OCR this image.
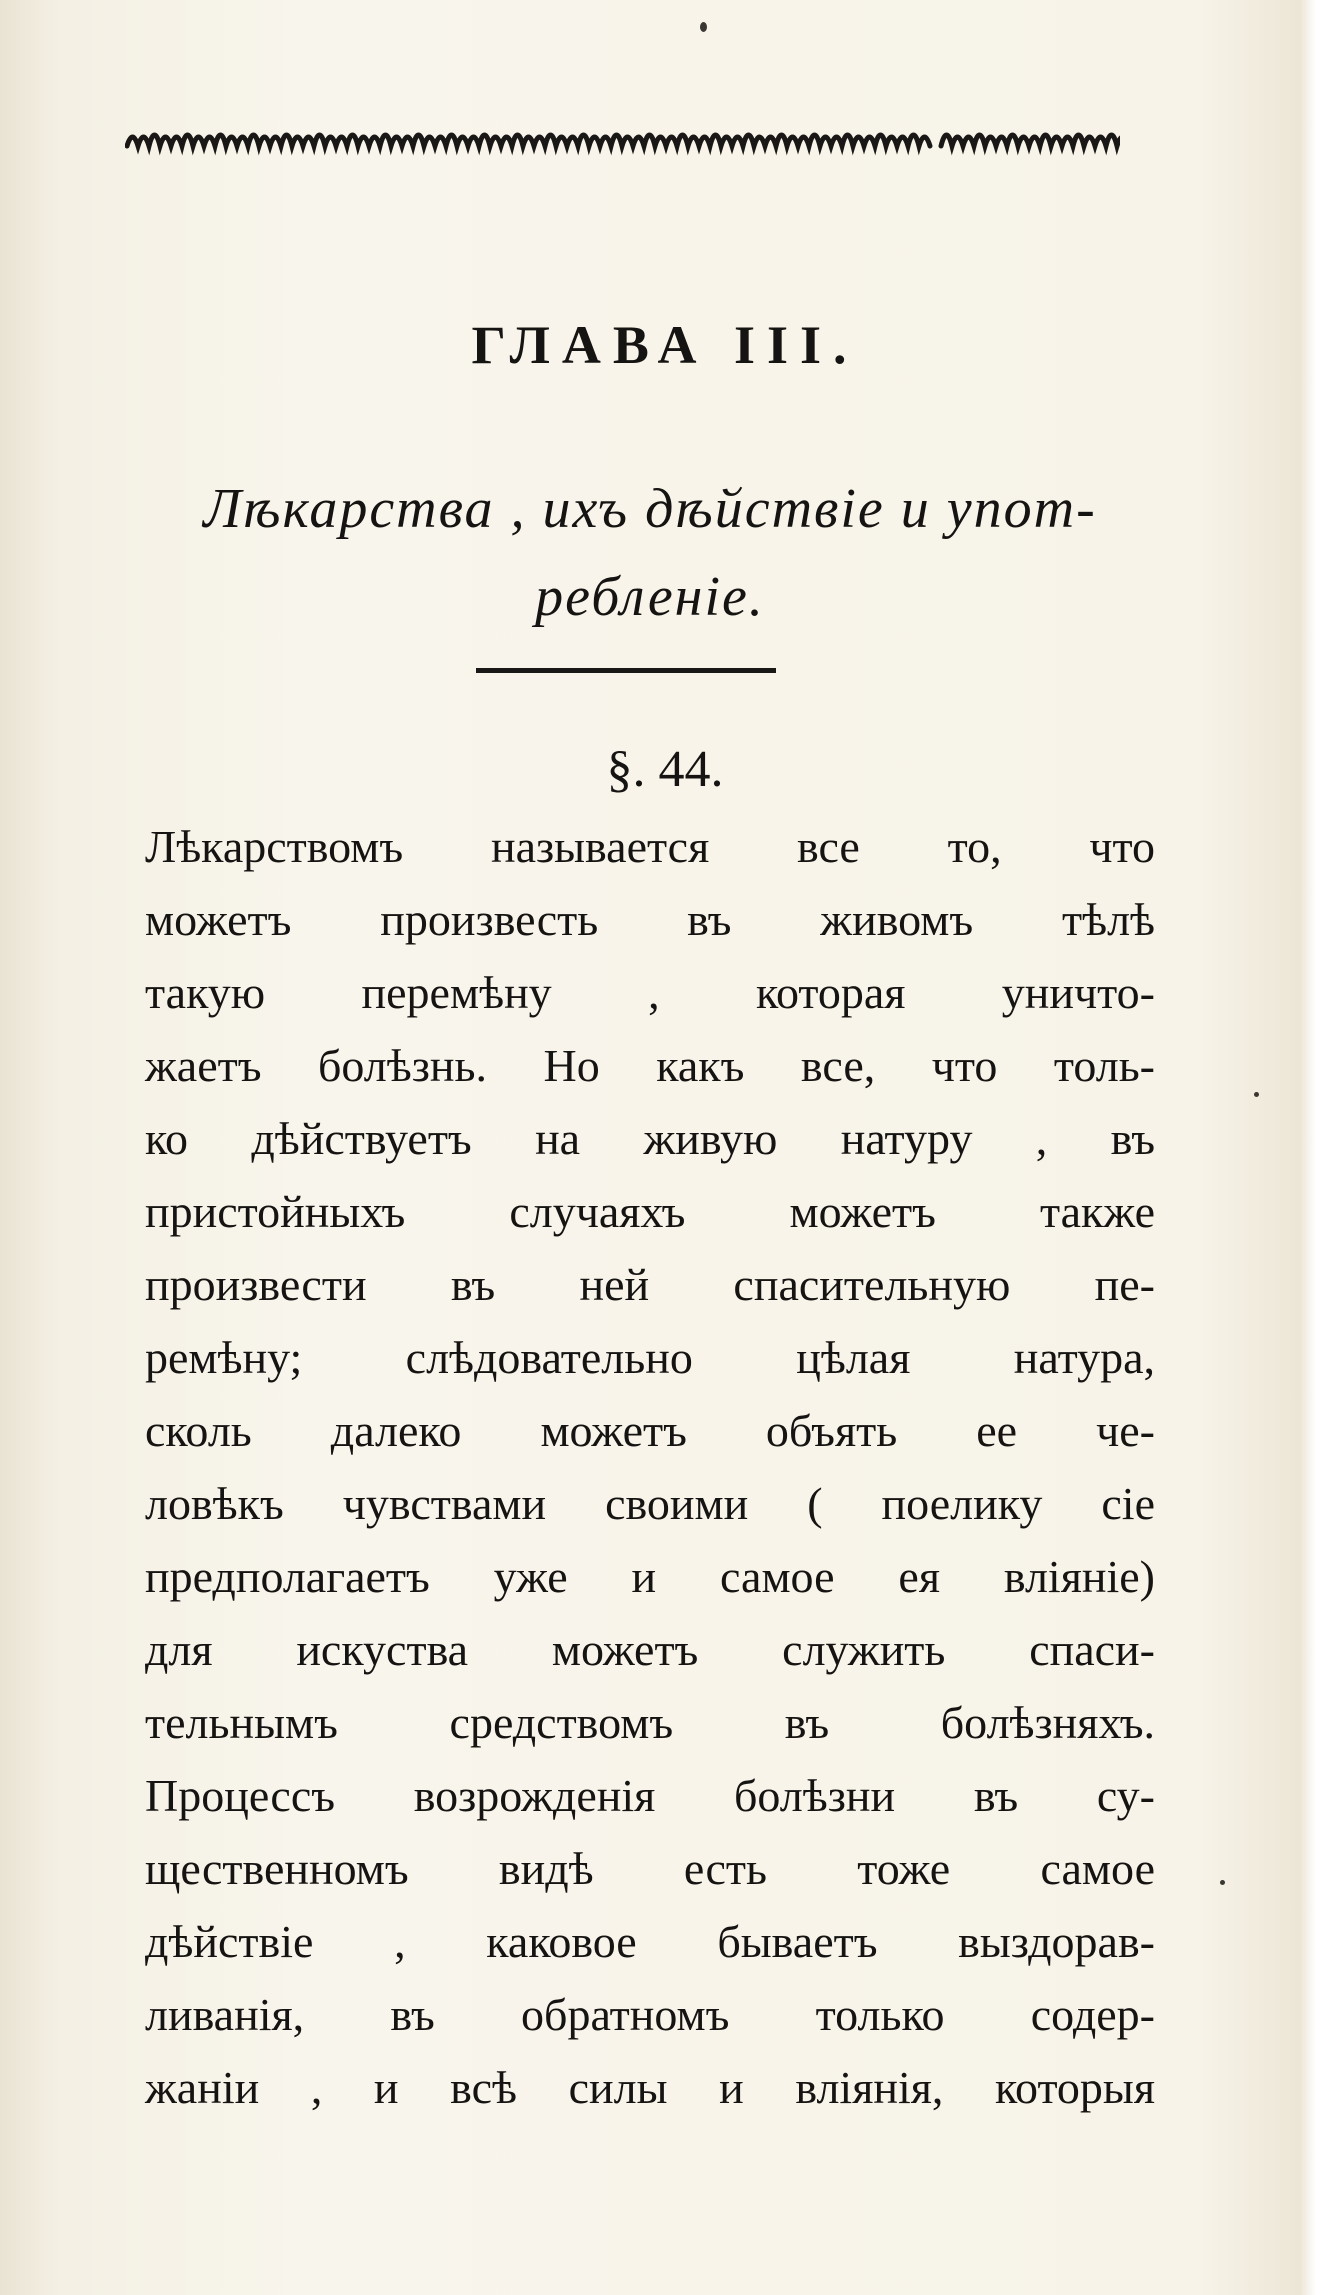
ГЛАВА III.
Лѣкарства , ихъ дѣйствіе и упот-
ребленіе.
§. 44.
Лѣкарствомъ называется все то, что
можетъ произвесть въ живомъ тѣлѣ
такую перемѣну , которая уничто-
жаетъ болѣзнь. Но какъ все, что толь-
ко дѣйствуетъ на живую натуру , въ
пристойныхъ случаяхъ можетъ также
произвести въ ней спасительную пе-
ремѣну; слѣдовательно цѣлая натура,
сколь далеко можетъ объять ее че-
ловѣкъ чувствами своими ( поелику сіе
предполагаетъ уже и самое ея вліяніе)
для искуства можетъ служить спаси-
тельнымъ средствомъ въ болѣзняхъ.
Процессъ возрожденія болѣзни въ су-
щественномъ видѣ есть тоже самое
дѣйствіе , каковое бываетъ выздорав-
ливанія, въ обратномъ только содер-
жаніи , и всѣ силы и вліянія, которыя
